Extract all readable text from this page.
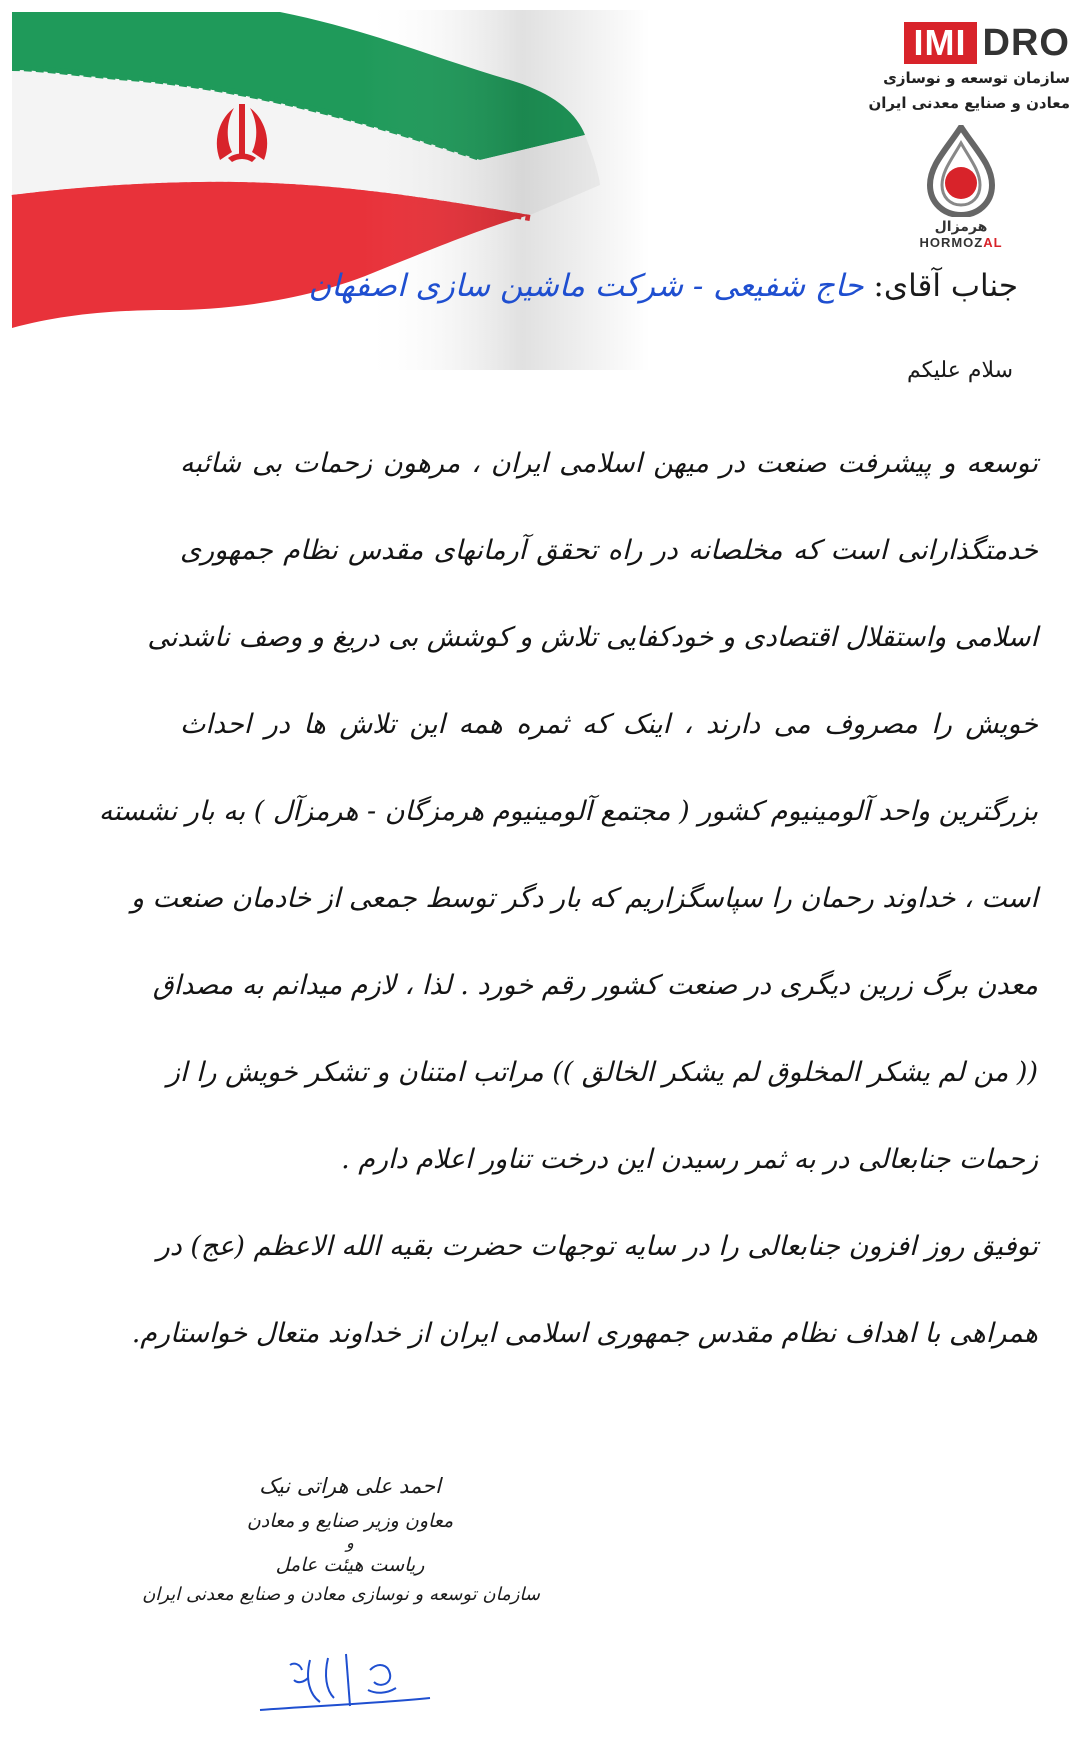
IMI DRO
سازمان توسعه و نوسازی
معادن و صنایع معدنی ایران
هرمزال
HORMOZAL
جناب آقای: حاج شفیعی - شرکت ماشین سازی اصفهان
سلام علیکم
توسعه و پیشرفت صنعت در میهن اسلامی ایران ، مرهون زحمات بی شائبه
خدمتگذارانی است که مخلصانه در راه تحقق آرمانهای مقدس نظام جمهوری
اسلامی واستقلال اقتصادی و خودکفایی تلاش و کوشش بی دریغ و وصف ناشدنی
خویش را مصروف می دارند ، اینک که ثمره همه این تلاش ها در احداث
بزرگترین واحد آلومینیوم کشور ( مجتمع آلومینیوم هرمزگان - هرمزآل ) به بار نشسته
است ، خداوند رحمان را سپاسگزاریم که بار دگر توسط جمعی از خادمان صنعت و
معدن برگ زرین دیگری در صنعت کشور رقم خورد . لذا ، لازم میدانم به مصداق
(( من لم یشکر المخلوق لم یشکر الخالق )) مراتب امتنان و تشکر خویش را از
زحمات جنابعالی در به ثمر رسیدن این درخت تناور اعلام دارم .
توفیق روز افزون جنابعالی را در سایه توجهات حضرت بقیه الله الاعظم (عج) در
همراهی با اهداف نظام مقدس جمهوری اسلامی ایران از خداوند متعال خواستارم.
احمد علی هراتی نیک
معاون وزیر صنایع و معادن
و
ریاست هیئت عامل
سازمان توسعه و نوسازی معادن و صنایع معدنی ایران
